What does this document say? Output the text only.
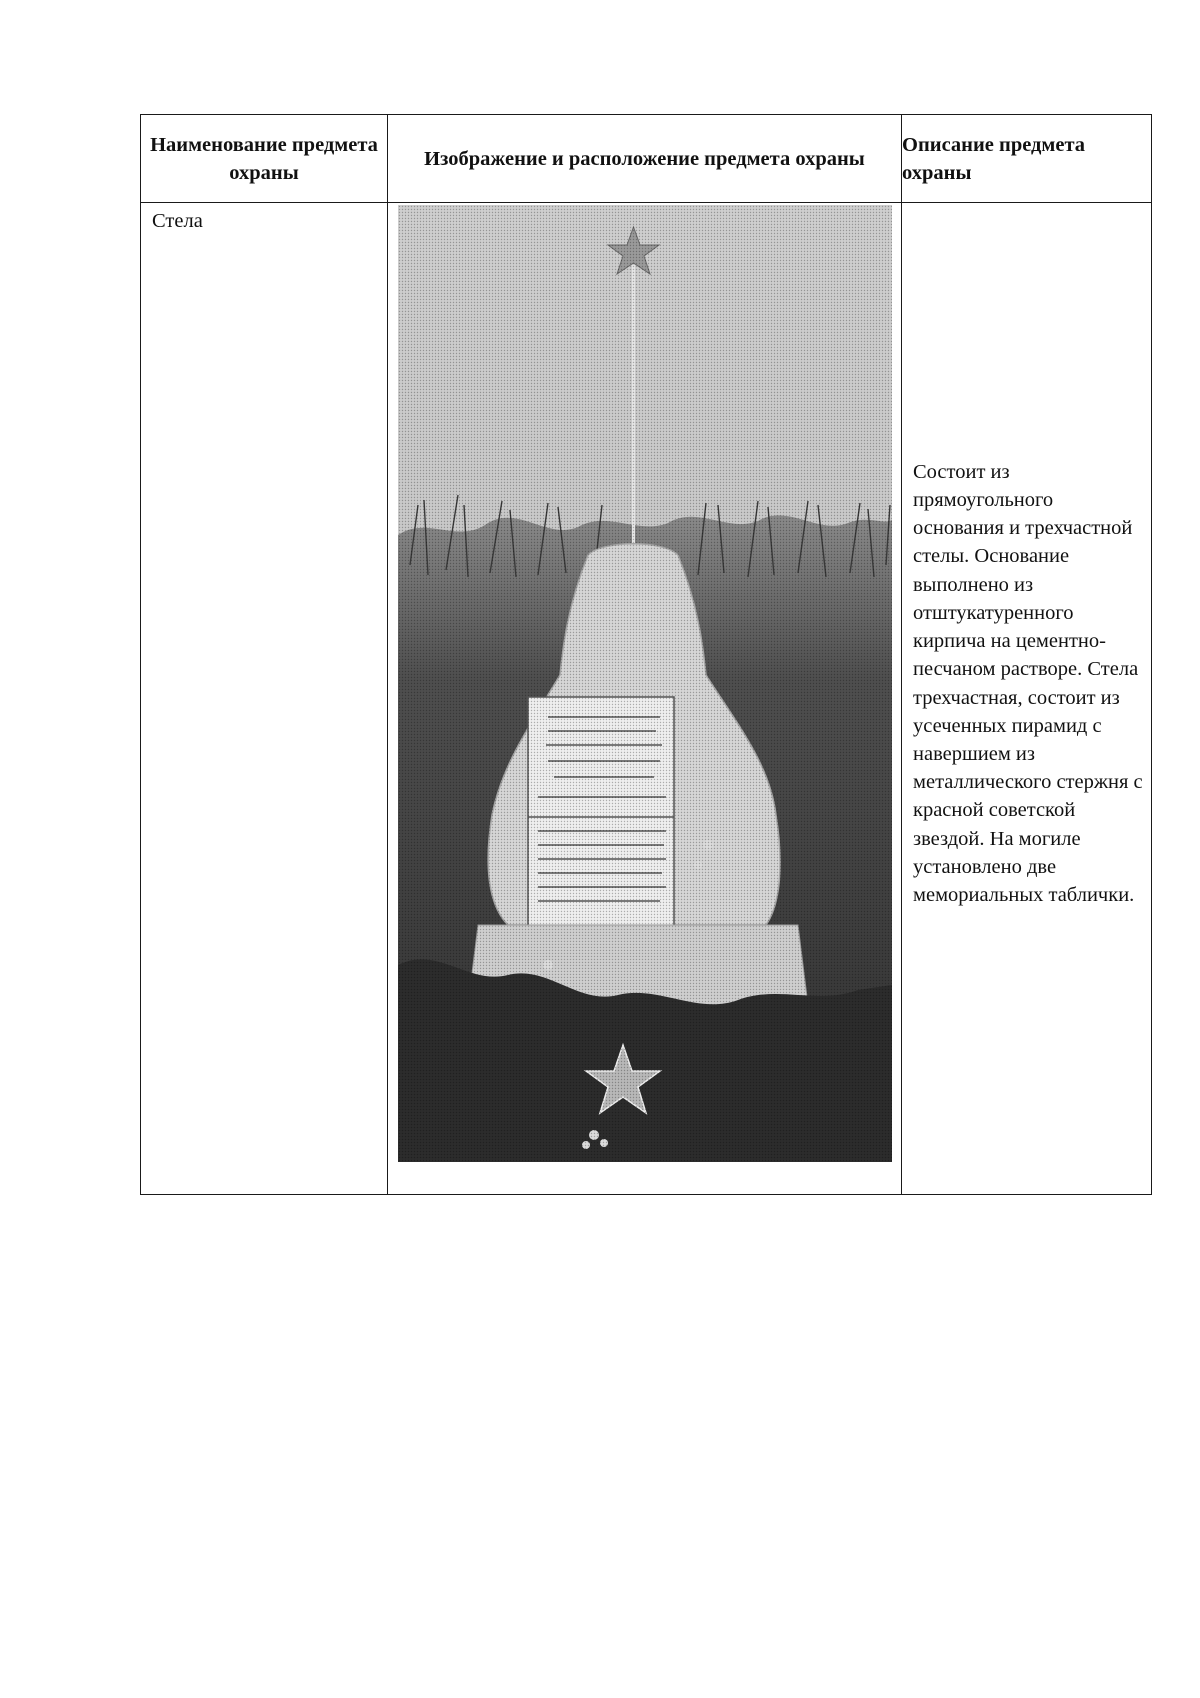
Наименование предмета охраны	Изображение и расположение предмета охраны	Описание предмета охраны
Стела		Состоит из прямоугольного основания и трехчастной стелы. Основание выполнено из отштукатуренного кирпича на цементно-песчаном растворе. Стела трехчастная, состоит из усеченных пирамид с навершием из металлического стержня с красной советской звездой. На могиле установлено две мемориальных таблички.
